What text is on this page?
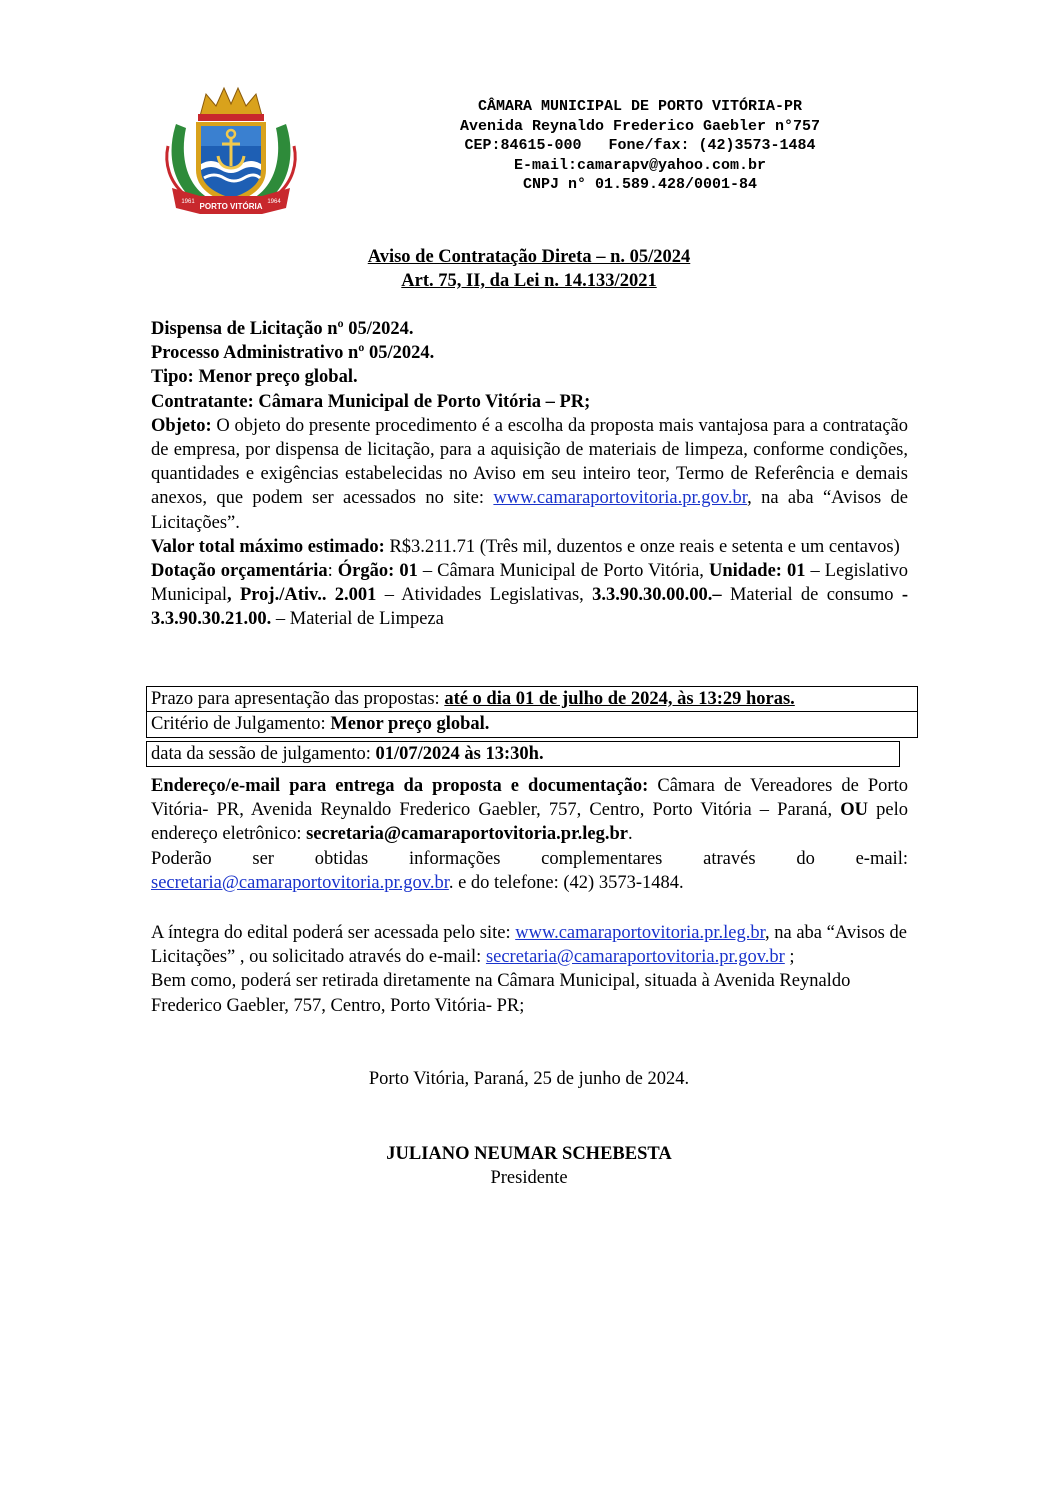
PORTO VITÓRIA
1961	1964
CÂMARA MUNICIPAL DE PORTO VITÓRIA-PR
Avenida Reynaldo Frederico Gaebler n°757
CEP:84615-000   Fone/fax: (42)3573-1484
E-mail:camarapv@yahoo.com.br
CNPJ n° 01.589.428/0001-84
Aviso de Contratação Direta – n. 05/2024
Art. 75, II, da Lei n. 14.133/2021

Dispensa de Licitação nº 05/2024.

Processo Administrativo nº 05/2024.

Tipo: Menor preço global.

Contratante: Câmara Municipal de Porto Vitória – PR;

Objeto: O objeto do presente procedimento é a escolha da proposta mais vantajosa para a contratação de empresa, por dispensa de licitação, para a aquisição de materiais de limpeza, conforme condições, quantidades e exigências estabelecidas no Aviso em seu inteiro teor, Termo de Referência e demais anexos, que podem ser acessados no site: www.camaraportovitoria.pr.gov.br, na aba “Avisos de Licitações”.

Valor total máximo estimado: R$3.211.71 (Três mil, duzentos e onze reais e setenta e um centavos)

Dotação orçamentária: Órgão: 01 – Câmara Municipal de Porto Vitória, Unidade: 01 – Legislativo Municipal, Proj./Ativ.. 2.001 – Atividades Legislativas, 3.3.90.30.00.00.– Material de consumo - 3.3.90.30.21.00. – Material de Limpeza

Prazo para apresentação das propostas: até o dia 01 de julho de 2024, às 13:29 horas.
Critério de Julgamento: Menor preço global.
data da sessão de julgamento: 01/07/2024 às 13:30h.

Endereço/e-mail para entrega da proposta e documentação: Câmara de Vereadores de Porto Vitória- PR, Avenida Reynaldo Frederico Gaebler, 757, Centro, Porto Vitória – Paraná, OU pelo endereço eletrônico: secretaria@camaraportovitoria.pr.leg.br.

Poderão ser obtidas informações complementares através do e-mail:

secretaria@camaraportovitoria.pr.gov.br. e do telefone: (42) 3573-1484.

A íntegra do edital poderá ser acessada pelo site: www.camaraportovitoria.pr.leg.br, na aba “Avisos de Licitações” , ou solicitado através do e-mail: secretaria@camaraportovitoria.pr.gov.br ;

Bem como, poderá ser retirada diretamente na Câmara Municipal, situada à Avenida Reynaldo Frederico Gaebler, 757, Centro, Porto Vitória- PR;

Porto Vitória, Paraná, 25 de junho de 2024.
JULIANO NEUMAR SCHEBESTA
Presidente
